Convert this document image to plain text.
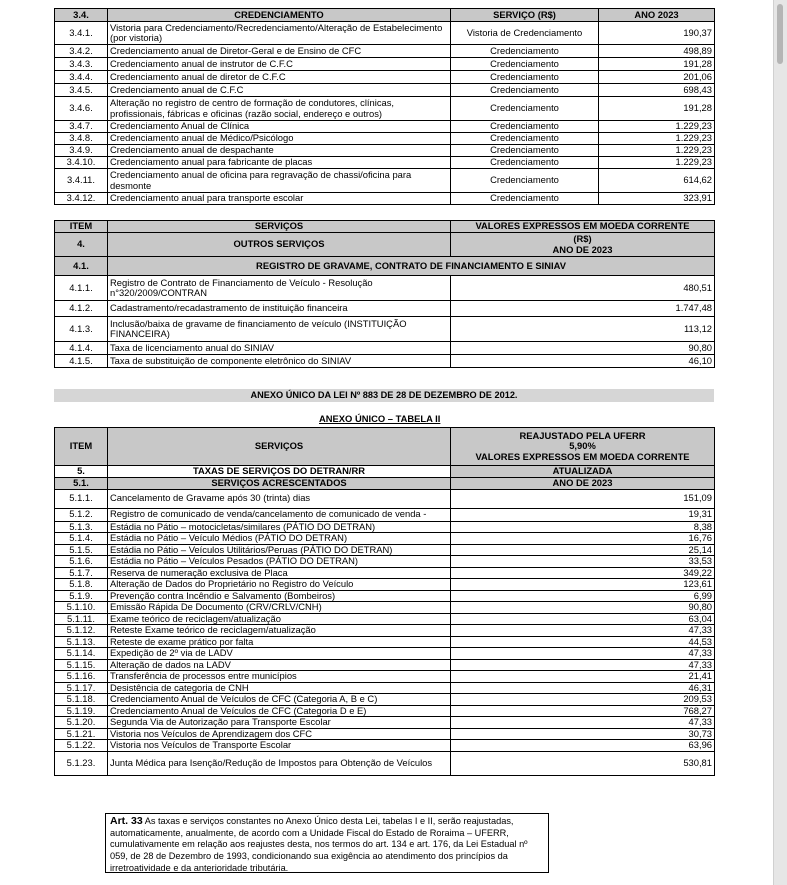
3.4.	CREDENCIAMENTO	SERVIÇO (R$)	ANO 2023
3.4.1.	Vistoria para Credenciamento/Recredenciamento/Alteração de Estabelecimento (por vistoria)	Vistoria de Credenciamento	190,37
3.4.2.	Credenciamento anual de Diretor-Geral e de Ensino de CFC	Credenciamento	498,89
3.4.3.	Credenciamento anual de instrutor de C.F.C	Credenciamento	191,28
3.4.4.	Credenciamento anual de diretor de C.F.C	Credenciamento	201,06
3.4.5.	Credenciamento anual de C.F.C	Credenciamento	698,43
3.4.6.	Alteração no registro de centro de formação de condutores, clínicas, profissionais, fábricas e oficinas (razão social, endereço e outros)	Credenciamento	191,28
3.4.7.	Credenciamento Anual de Clínica	Credenciamento	1.229,23
3.4.8.	Credenciamento anual de Médico/Psicólogo	Credenciamento	1.229,23
3.4.9.	Credenciamento anual de despachante	Credenciamento	1.229,23
3.4.10.	Credenciamento anual para fabricante de placas	Credenciamento	1.229,23
3.4.11.	Credenciamento anual de oficina para regravação de chassi/oficina para desmonte	Credenciamento	614,62
3.4.12.	Credenciamento anual para transporte escolar	Credenciamento	323,91
ITEM	SERVIÇOS	VALORES EXPRESSOS EM MOEDA CORRENTE
4.	OUTROS SERVIÇOS	(R$)
ANO DE 2023

4.1.	REGISTRO DE GRAVAME, CONTRATO DE FINANCIAMENTO E SINIAV	
4.1.1.	Registro de Contrato de Financiamento de Veículo - Resolução n°320/2009/CONTRAN	480,51
4.1.2.	Cadastramento/recadastramento de instituição financeira	1.747,48
4.1.3.	Inclusão/baixa de gravame de financiamento de veículo (INSTITUIÇÃO FINANCEIRA)	113,12
4.1.4.	Taxa de licenciamento anual do SINIAV	90,80
4.1.5.	Taxa de substituição de componente eletrônico do SINIAV	46,10
ANEXO ÚNICO DA LEI Nº 883 DE 28 DE DEZEMBRO DE 2012.
ANEXO ÚNICO – TABELA II
ITEM	SERVIÇOS	REAJUSTADO PELA UFERR
5,90%
VALORES EXPRESSOS EM MOEDA CORRENTE

5.	TAXAS DE SERVIÇOS DO DETRAN/RR	ATUALIZADA
5.1.	SERVIÇOS ACRESCENTADOS	ANO DE 2023
5.1.1.	Cancelamento de Gravame após 30 (trinta) dias	151,09
5.1.2.	Registro de comunicado de venda/cancelamento de comunicado de venda -	19,31
5.1.3.	Estádia no Pátio – motocicletas/similares (PÁTIO DO DETRAN)	8,38
5.1.4.	Estádia no Pátio – Veículo Médios (PÁTIO DO DETRAN)	16,76
5.1.5.	Estádia no Pátio – Veículos Utilitários/Peruas (PÁTIO DO DETRAN)	25,14
5.1.6.	Estádia no Pátio – Veículos Pesados (PÁTIO DO DETRAN)	33,53
5.1.7.	Reserva de numeração exclusiva de Placa	349,22
5.1.8.	Alteração de Dados do Proprietário no Registro do Veículo	123,61
5.1.9.	Prevenção contra Incêndio e Salvamento (Bombeiros)	6,99
5.1.10.	Emissão Rápida De Documento (CRV/CRLV/CNH)	90,80
5.1.11.	Exame teórico de reciclagem/atualização	63,04
5.1.12.	Reteste Exame teórico de reciclagem/atualização	47,33
5.1.13.	Reteste de exame prático por falta	44,53
5.1.14.	Expedição de 2º via de LADV	47,33
5.1.15.	Alteração de dados na LADV	47,33
5.1.16.	Transferência de processos entre municípios	21,41
5.1.17.	Desistência de categoria de CNH	46,31
5.1.18.	Credenciamento Anual de Veículos de CFC (Categoria A, B e C)	209,53
5.1.19.	Credenciamento Anual de Veículos de CFC (Categoria D e E)	768,27
5.1.20.	Segunda Via de Autorização para Transporte Escolar	47,33
5.1.21.	Vistoria nos Veículos de Aprendizagem dos CFC	30,73
5.1.22.	Vistoria nos Veículos de Transporte Escolar	63,96
5.1.23.	Junta Médica para Isenção/Redução de Impostos para Obtenção de Veículos	530,81
Art. 33 As taxas e serviços constantes no Anexo Único desta Lei, tabelas I e II, serão reajustadas, automaticamente, anualmente, de acordo com a Unidade Fiscal do Estado de Roraima – UFERR, cumulativamente em relação aos reajustes desta, nos termos do art. 134 e art. 176, da Lei Estadual nº 059, de 28 de Dezembro de 1993, condicionando sua exigência ao atendimento dos princípios da irretroatividade e da anterioridade tributária.
